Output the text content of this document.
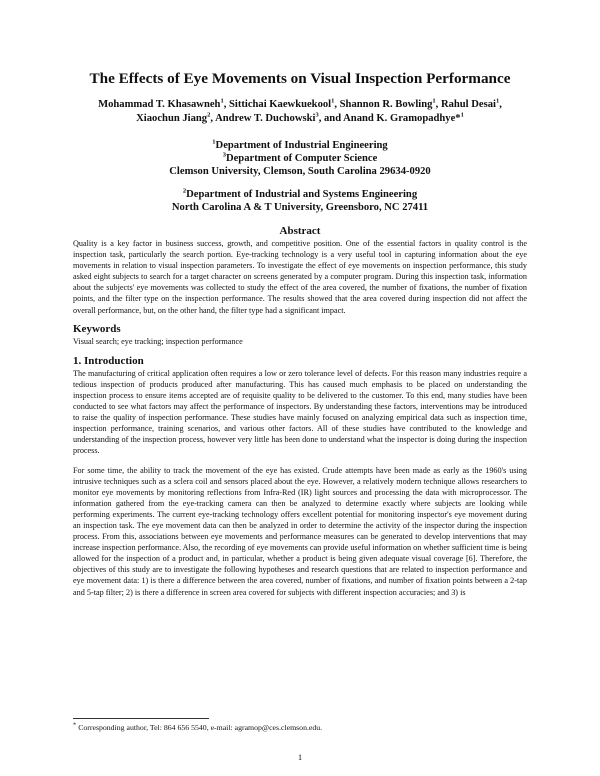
The Effects of Eye Movements on Visual Inspection Performance
Mohammad T. Khasawneh$^1$, Sittichai Kaewkuekool$^1$, Shannon R. Bowling$^1$, Rahul Desai$^1$,
Xiaochun Jiang$^2$, Andrew T. Duchowski$^3$, and Anand K. Gramopadhye*$^1$
$^1$Department of Industrial Engineering
$^3$Department of Computer Science
Clemson University, Clemson, South Carolina 29634-0920
$^2$Department of Industrial and Systems Engineering
North Carolina A & T University, Greensboro, NC 27411
Abstract

Quality is a key factor in business success, growth, and competitive position. One of the essential factors in quality control is the inspection task, particularly the search portion. Eye-tracking technology is a very useful tool in capturing information about the eye movements in relation to visual inspection parameters. To investigate the effect of eye movements on inspection performance, this study asked eight subjects to search for a target character on screens generated by a computer program. During this inspection task, information about the subjects' eye movements was collected to study the effect of the area covered, the number of fixations, the number of fixation points, and the filter type on the inspection performance. The results showed that the area covered during inspection did not affect the overall performance, but, on the other hand, the filter type had a significant impact.

Keywords

Visual search; eye tracking; inspection performance

1. Introduction

The manufacturing of critical application often requires a low or zero tolerance level of defects. For this reason many industries require a tedious inspection of products produced after manufacturing. This has caused much emphasis to be placed on understanding the inspection process to ensure items accepted are of requisite quality to be delivered to the customer. To this end, many studies have been conducted to see what factors may affect the performance of inspectors. By understanding these factors, interventions may be introduced to raise the quality of inspection performance. These studies have mainly focused on analyzing empirical data such as inspection time, inspection performance, training scenarios, and various other factors. All of these studies have contributed to the knowledge and understanding of the inspection process, however very little has been done to understand what the inspector is doing during the inspection process.

For some time, the ability to track the movement of the eye has existed. Crude attempts have been made as early as the 1960's using intrusive techniques such as a sclera coil and sensors placed about the eye. However, a relatively modern technique allows researchers to monitor eye movements by monitoring reflections from Infra-Red (IR) light sources and processing the data with microprocessor. The information gathered from the eye-tracking camera can then be analyzed to determine exactly where subjects are looking while performing experiments. The current eye-tracking technology offers excellent potential for monitoring inspector's eye movement during an inspection task. The eye movement data can then be analyzed in order to determine the activity of the inspector during the inspection process. From this, associations between eye movements and performance measures can be generated to develop interventions that may increase inspection performance. Also, the recording of eye movements can provide useful information on whether sufficient time is being allowed for the inspection of a product and, in particular, whether a product is being given adequate visual coverage [6]. Therefore, the objectives of this study are to investigate the following hypotheses and research questions that are related to inspection performance and eye movement data: 1) is there a difference between the area covered, number of fixations, and number of fixation points between a 2-tap and 5-tap filter; 2) is there a difference in screen area covered for subjects with different inspection accuracies; and 3) is

* Corresponding author, Tel: 864 656 5540, e-mail: agramop@ces.clemson.edu.
1
